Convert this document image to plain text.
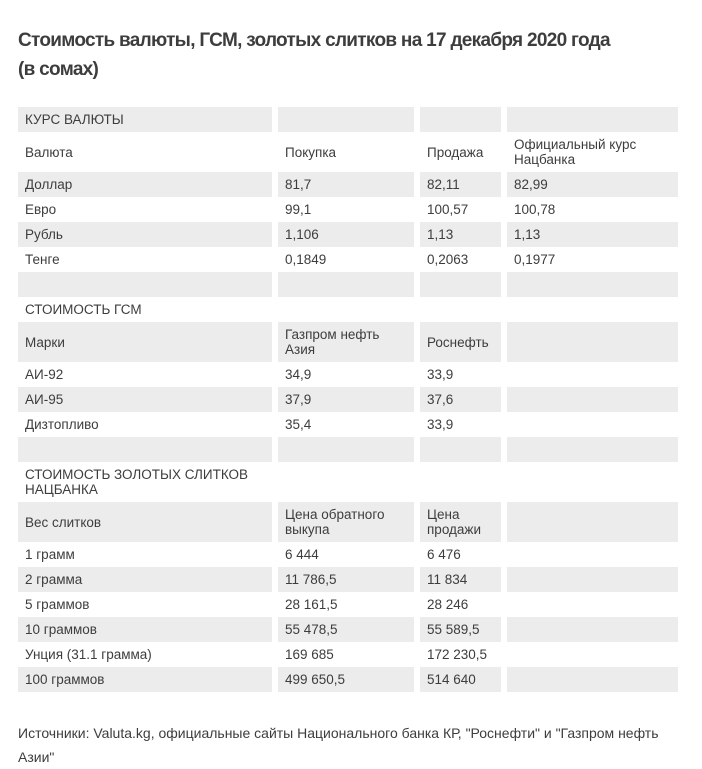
Стоимость валюты, ГСМ, золотых слитков на 17 декабря 2020 года
(в сомах)
КУРС ВАЛЮТЫ			
Валюта	Покупка	Продажа	Официальный курс Нацбанка
Доллар	81,7	82,11	82,99
Евро	99,1	100,57	100,78
Рубль	1,106	1,13	1,13
Тенге	0,1849	0,2063	0,1977

СТОИМОСТЬ ГСМ			
Марки	Газпром нефть Азия	Роснефть	
АИ-92	34,9	33,9	
АИ-95	37,9	37,6	
Дизтопливо	35,4	33,9	

СТОИМОСТЬ ЗОЛОТЫХ СЛИТКОВ НАЦБАНКА			
Вес слитков	Цена обратного выкупа	Цена продажи	
1 грамм	6 444	6 476	
2 грамма	11 786,5	11 834	
5 граммов	28 161,5	28 246	
10 граммов	55 478,5	55 589,5	
Унция (31.1 грамма)	169 685	172 230,5	
100 граммов	499 650,5	514 640	
Источники: Valuta.kg, официальные сайты Национального банка КР, "Роснефти" и "Газпром нефть Азии"
